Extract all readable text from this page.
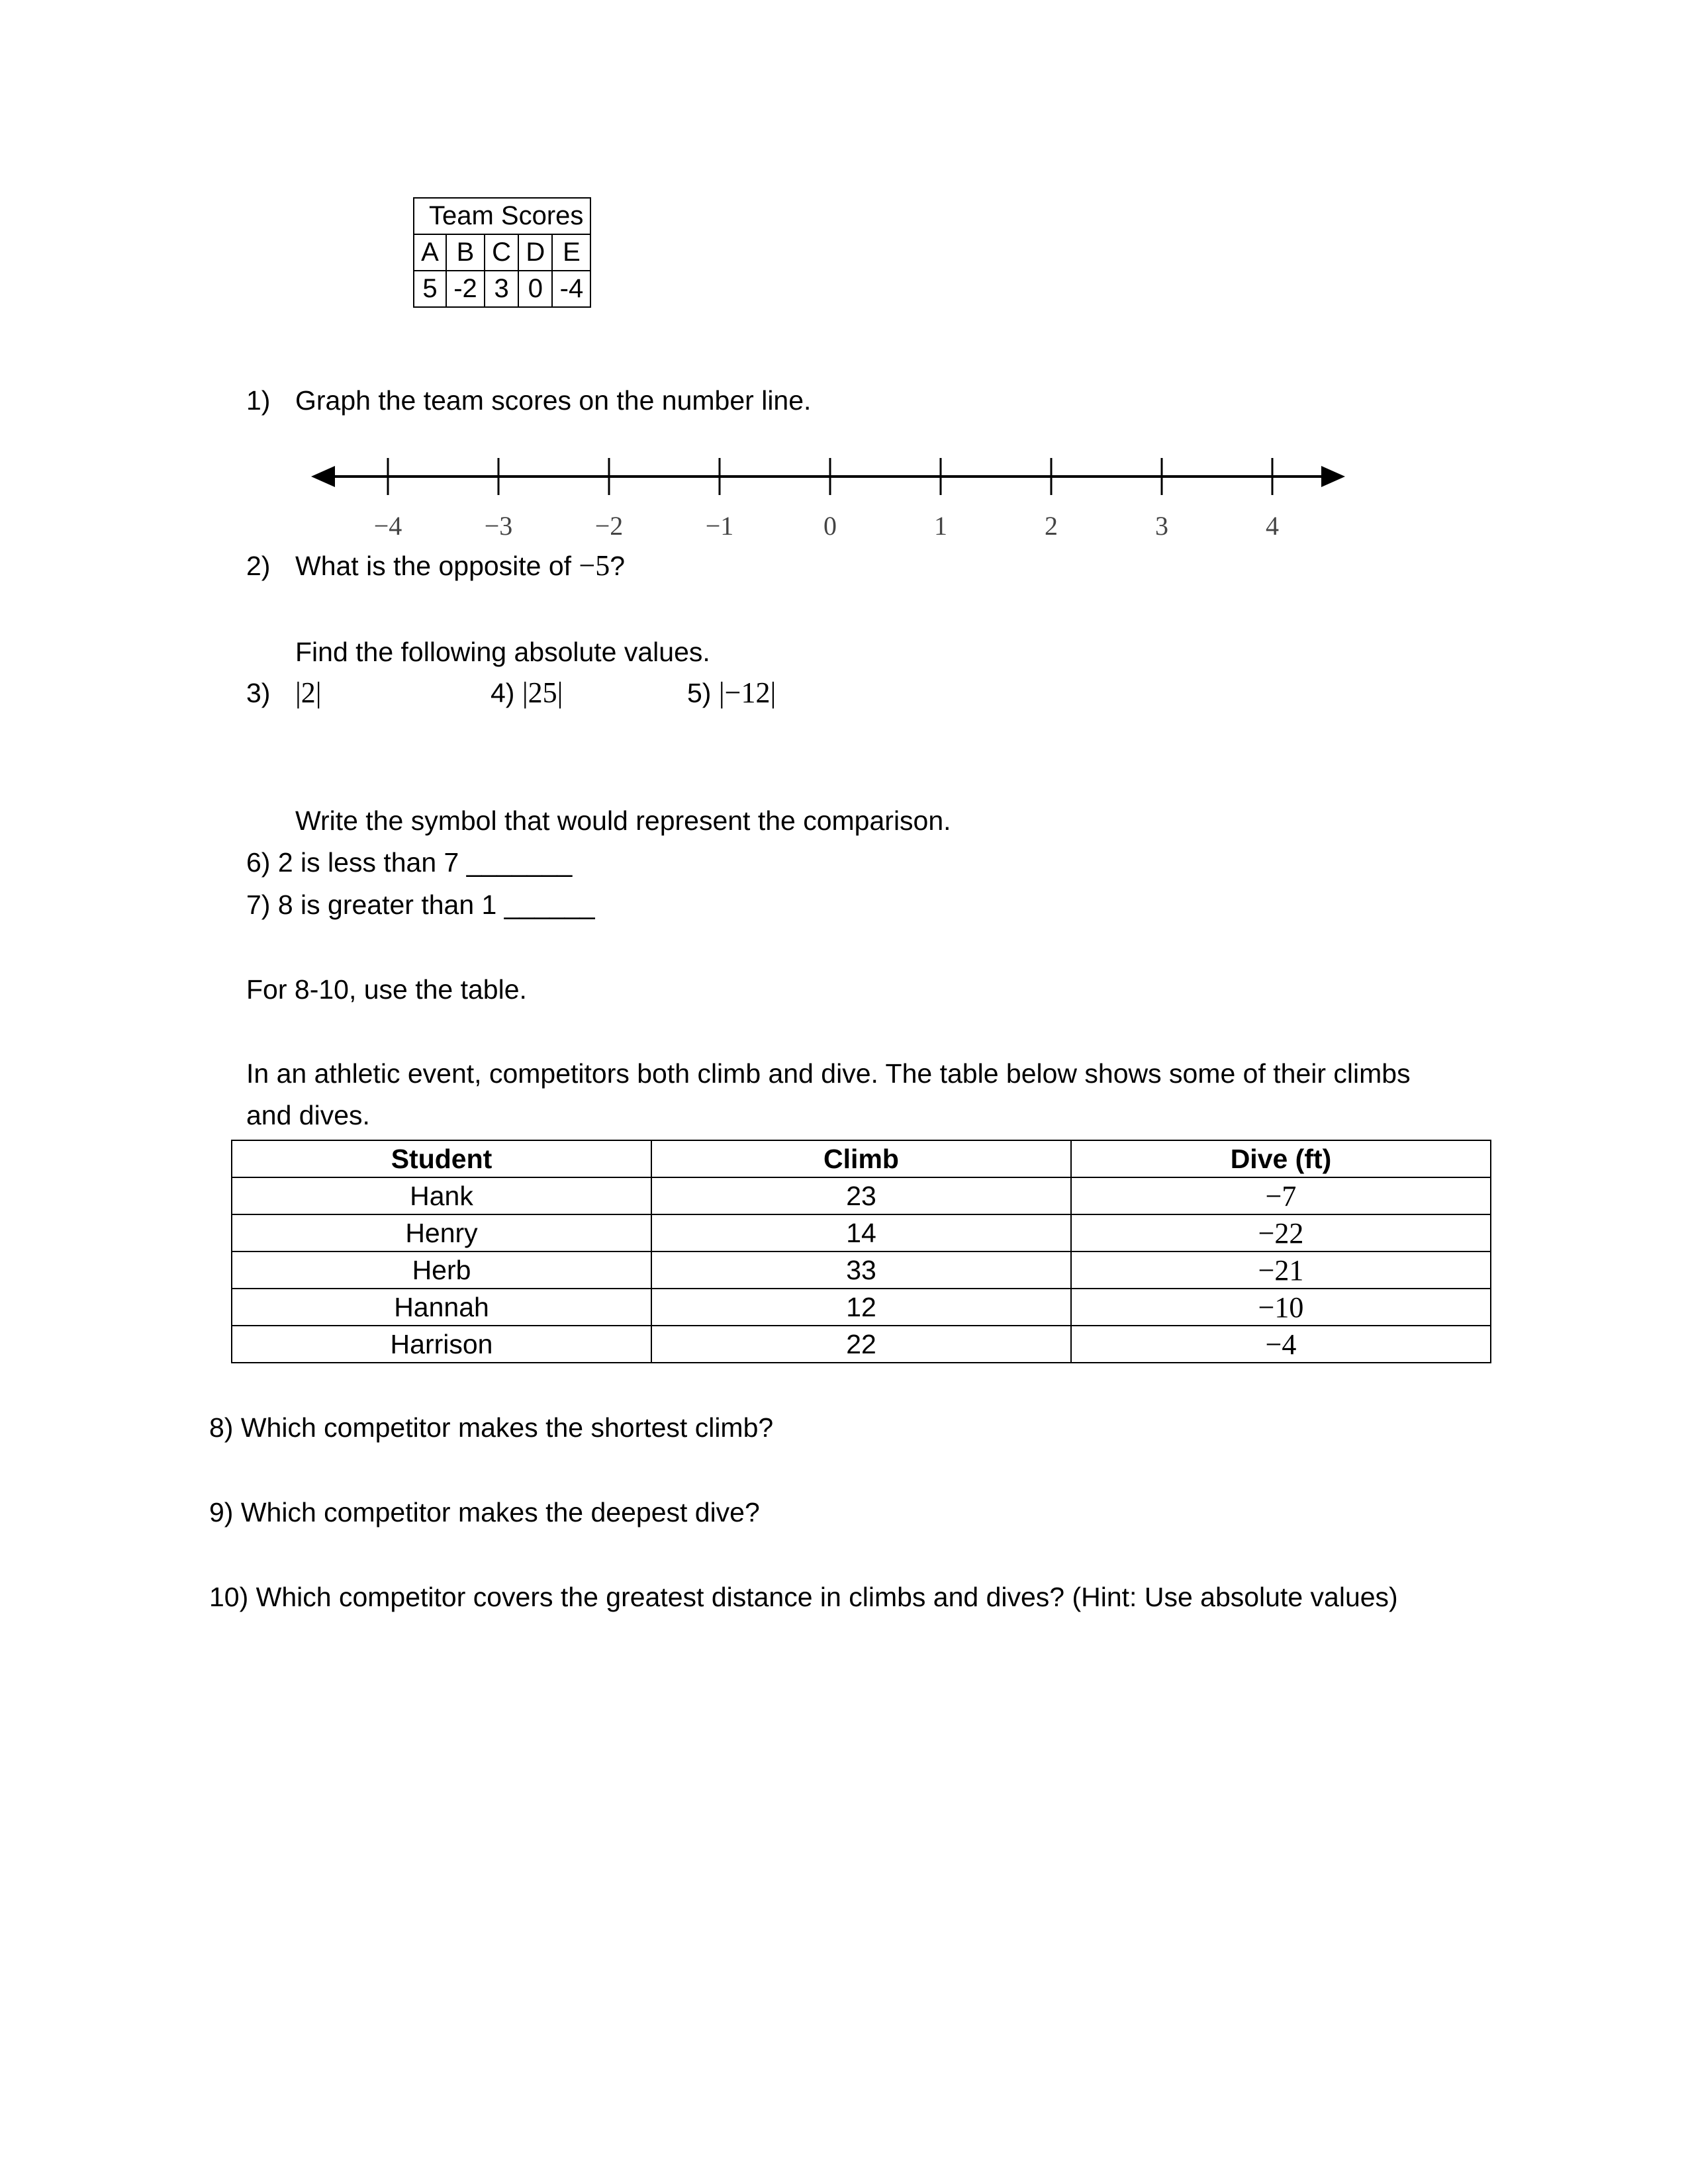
Team Scores				
A	B	C	D	E
5	-2	3	0	-4
1) Graph the team scores on the number line.
−4	−3	−2	−1	0	1	2	3	4
2) What is the opposite of −5?
Find the following absolute values.
3) |2|	4) |25|	5) |−12|
Write the symbol that would represent the comparison.
6) 2 is less than 7 _______
7) 8 is greater than 1 ______
For 8-10, use the table.
In an athletic event, competitors both climb and dive. The table below shows some of their climbs
and dives.
Student	Climb	Dive (ft)
Hank	23	−7
Henry	14	−22
Herb	33	−21
Hannah	12	−10
Harrison	22	−4
8) Which competitor makes the shortest climb?
9) Which competitor makes the deepest dive?
10) Which competitor covers the greatest distance in climbs and dives? (Hint: Use absolute values)
